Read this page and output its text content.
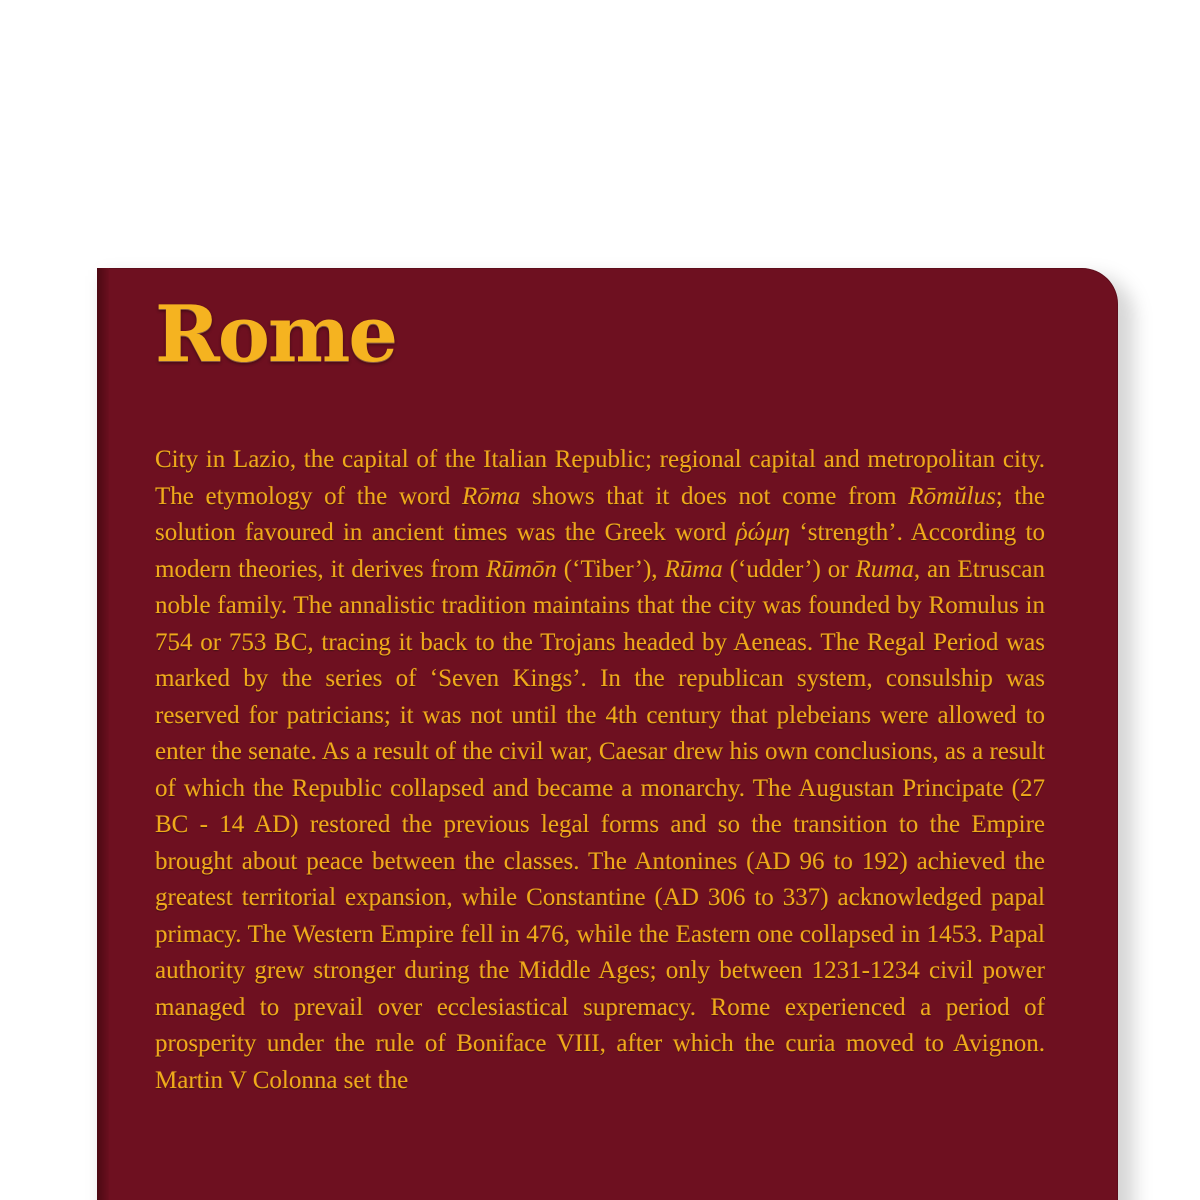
Rome

City in Lazio, the capital of the Italian Republic; regional capital and metropolitan city. The etymology of the word Rōma shows that it does not come from Rōmŭlus; the solution favoured in ancient times was the Greek word ῥώμη ‘strength’. According to modern theories, it derives from Rūmōn (‘Tiber’), Rūma (‘udder’) or Ruma, an Etruscan noble family. The annalistic tradition maintains that the city was founded by Romulus in 754 or 753 BC, tracing it back to the Trojans headed by Aeneas. The Regal Period was marked by the series of ‘Seven Kings’. In the republican system, consulship was reserved for patricians; it was not until the 4th century that plebeians were allowed to enter the senate. As a result of the civil war, Caesar drew his own conclusions, as a result of which the Republic collapsed and became a monarchy. The Augustan Principate (27 BC - 14 AD) restored the previous legal forms and so the transition to the Empire brought about peace between the classes. The Antonines (AD 96 to 192) achieved the greatest territorial expansion, while Constantine (AD 306 to 337) acknowledged papal primacy. The Western Empire fell in 476, while the Eastern one collapsed in 1453. Papal authority grew stronger during the Middle Ages; only between 1231-1234 civil power managed to prevail over ecclesiastical supremacy. Rome experienced a period of prosperity under the rule of Boniface VIII, after which the curia moved to Avignon. Martin V Colonna set the
